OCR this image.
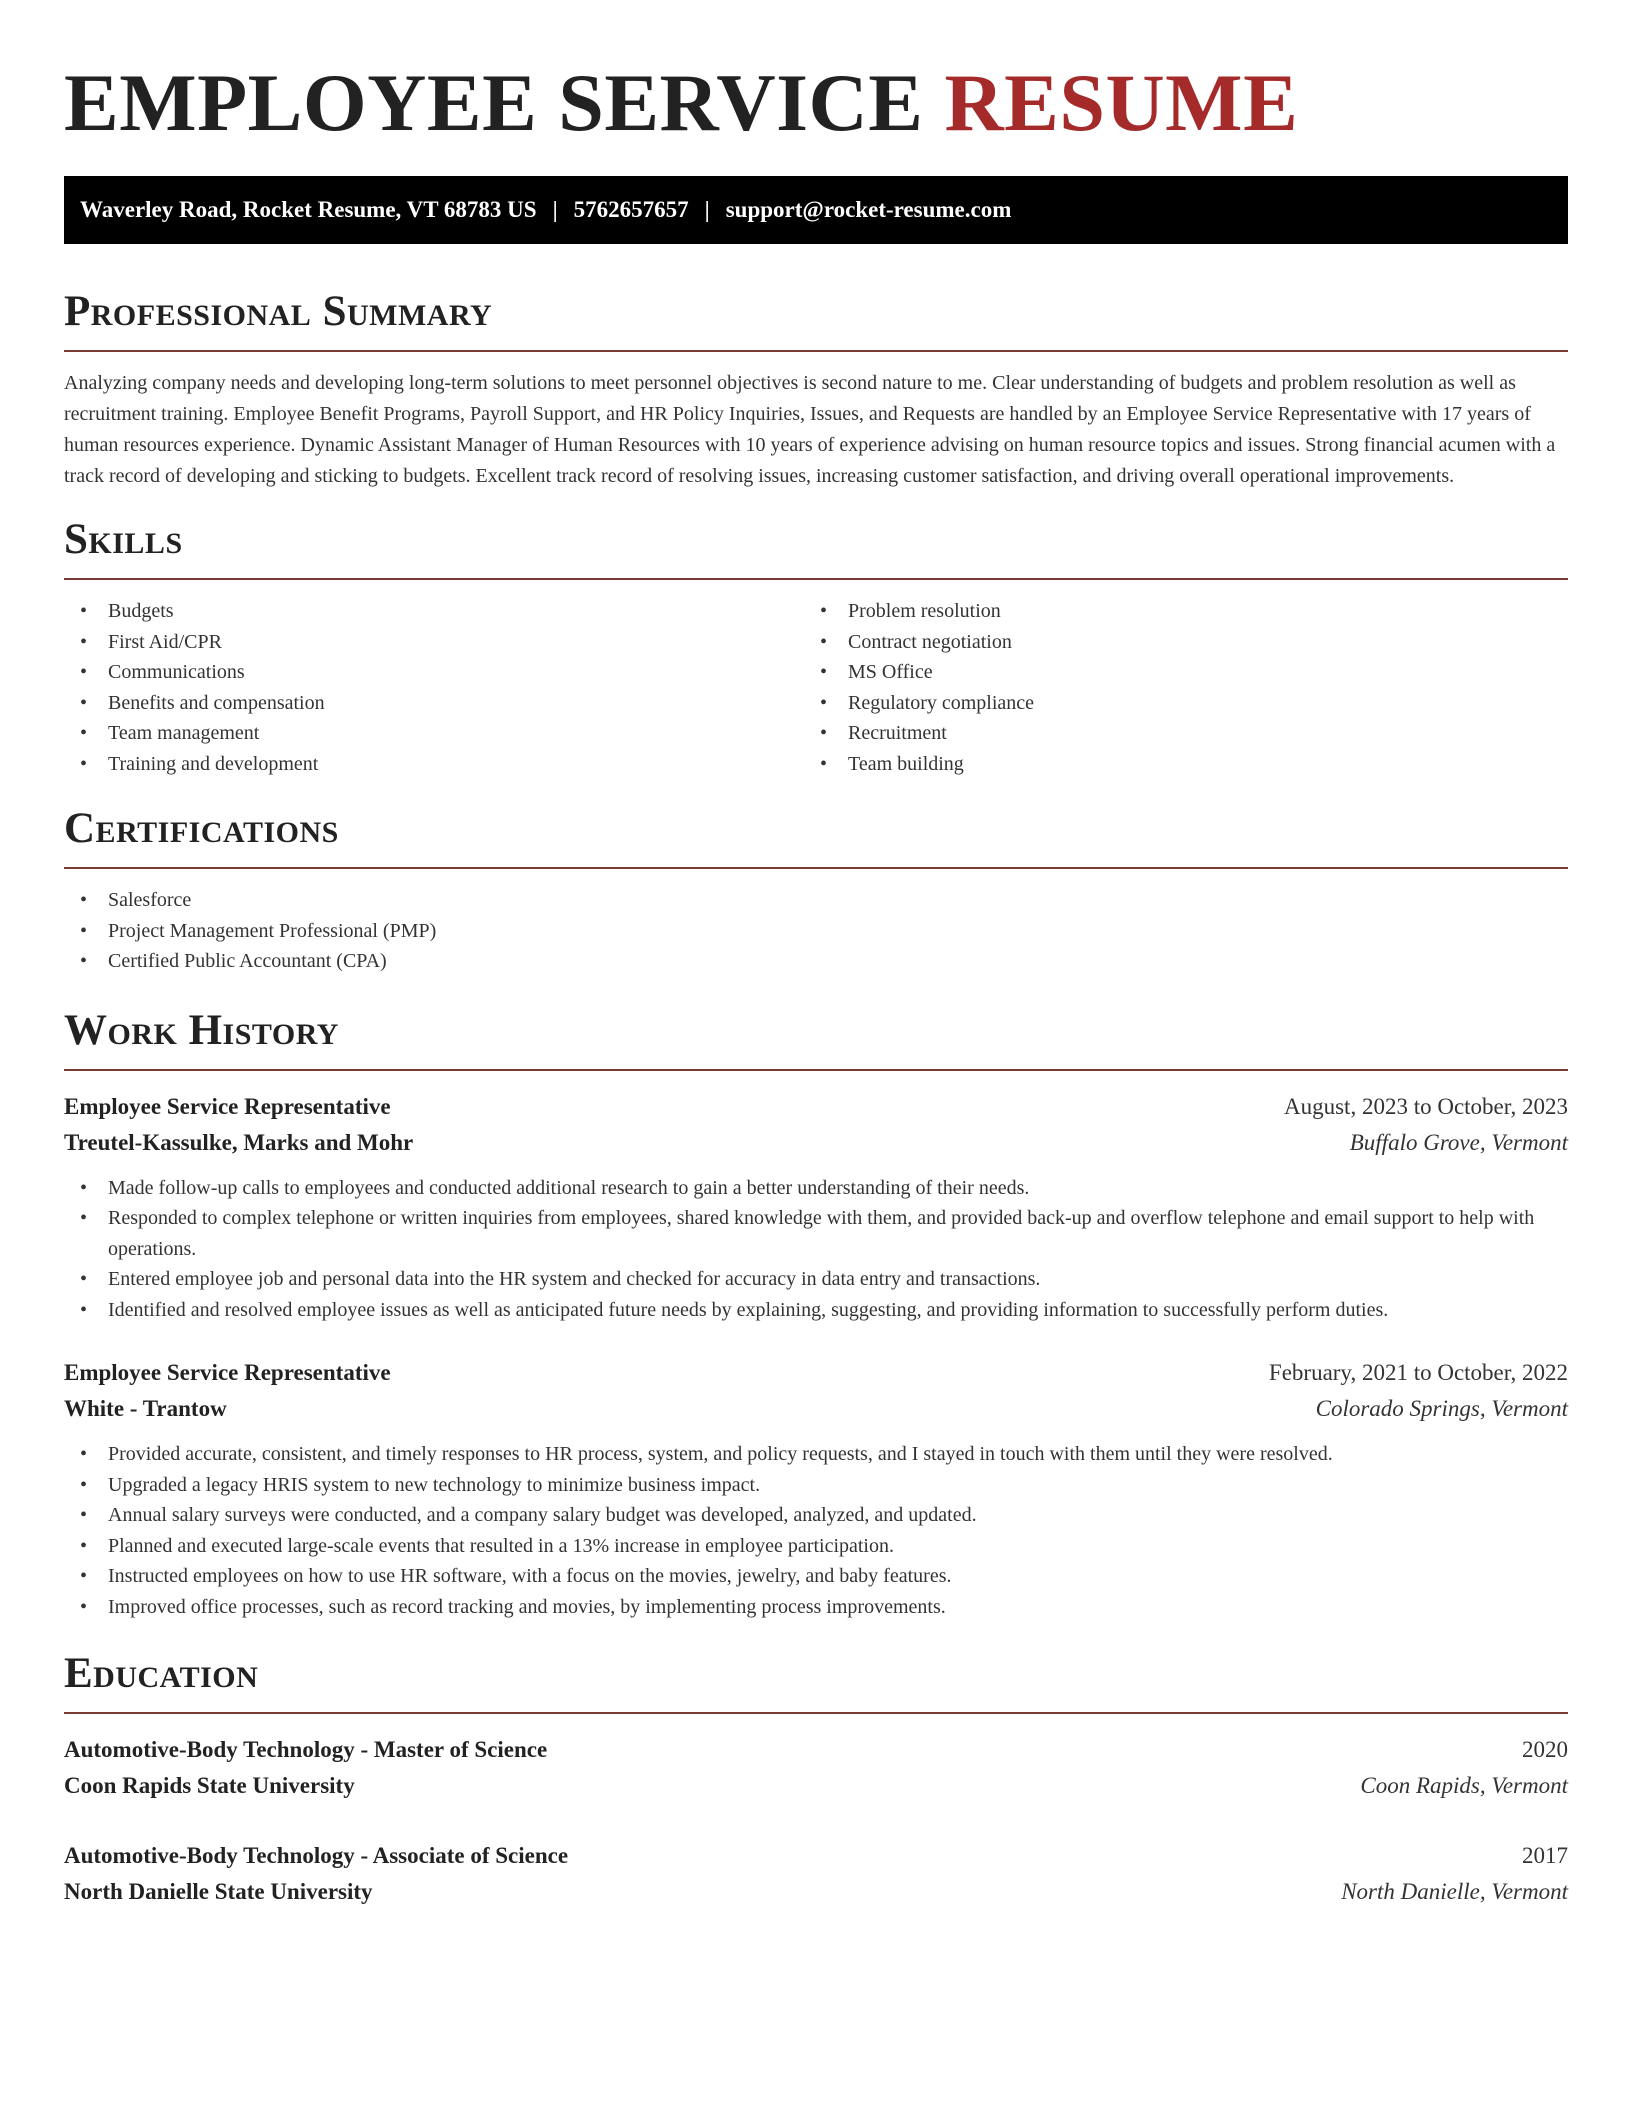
EMPLOYEE SERVICE RESUME
Waverley Road, Rocket Resume, VT 68783 US | 5762657657 | support@rocket-resume.com
Professional Summary

Analyzing company needs and developing long-term solutions to meet personnel objectives is second nature to me. Clear understanding of budgets and problem resolution as well as recruitment training. Employee Benefit Programs, Payroll Support, and HR Policy Inquiries, Issues, and Requests are handled by an Employee Service Representative with 17 years of human resources experience. Dynamic Assistant Manager of Human Resources with 10 years of experience advising on human resource topics and issues. Strong financial acumen with a track record of developing and sticking to budgets. Excellent track record of resolving issues, increasing customer satisfaction, and driving overall operational improvements.

Skills
• Budgets
• First Aid/CPR
• Communications
• Benefits and compensation
• Team management
• Training and development
• Problem resolution
• Contract negotiation
• MS Office
• Regulatory compliance
• Recruitment
• Team building
Certifications
• Salesforce
• Project Management Professional (PMP)
• Certified Public Accountant (CPA)
Work History
Employee Service Representative	August, 2023 to October, 2023
Treutel-Kassulke, Marks and Mohr	Buffalo Grove, Vermont
• Made follow-up calls to employees and conducted additional research to gain a better understanding of their needs.
• Responded to complex telephone or written inquiries from employees, shared knowledge with them, and provided back-up and overflow telephone and email support to help with operations.
• Entered employee job and personal data into the HR system and checked for accuracy in data entry and transactions.
• Identified and resolved employee issues as well as anticipated future needs by explaining, suggesting, and providing information to successfully perform duties.
Employee Service Representative	February, 2021 to October, 2022
White - Trantow	Colorado Springs, Vermont
• Provided accurate, consistent, and timely responses to HR process, system, and policy requests, and I stayed in touch with them until they were resolved.
• Upgraded a legacy HRIS system to new technology to minimize business impact.
• Annual salary surveys were conducted, and a company salary budget was developed, analyzed, and updated.
• Planned and executed large-scale events that resulted in a 13% increase in employee participation.
• Instructed employees on how to use HR software, with a focus on the movies, jewelry, and baby features.
• Improved office processes, such as record tracking and movies, by implementing process improvements.
Education
Automotive-Body Technology - Master of Science	2020
Coon Rapids State University	Coon Rapids, Vermont
Automotive-Body Technology - Associate of Science	2017
North Danielle State University	North Danielle, Vermont
